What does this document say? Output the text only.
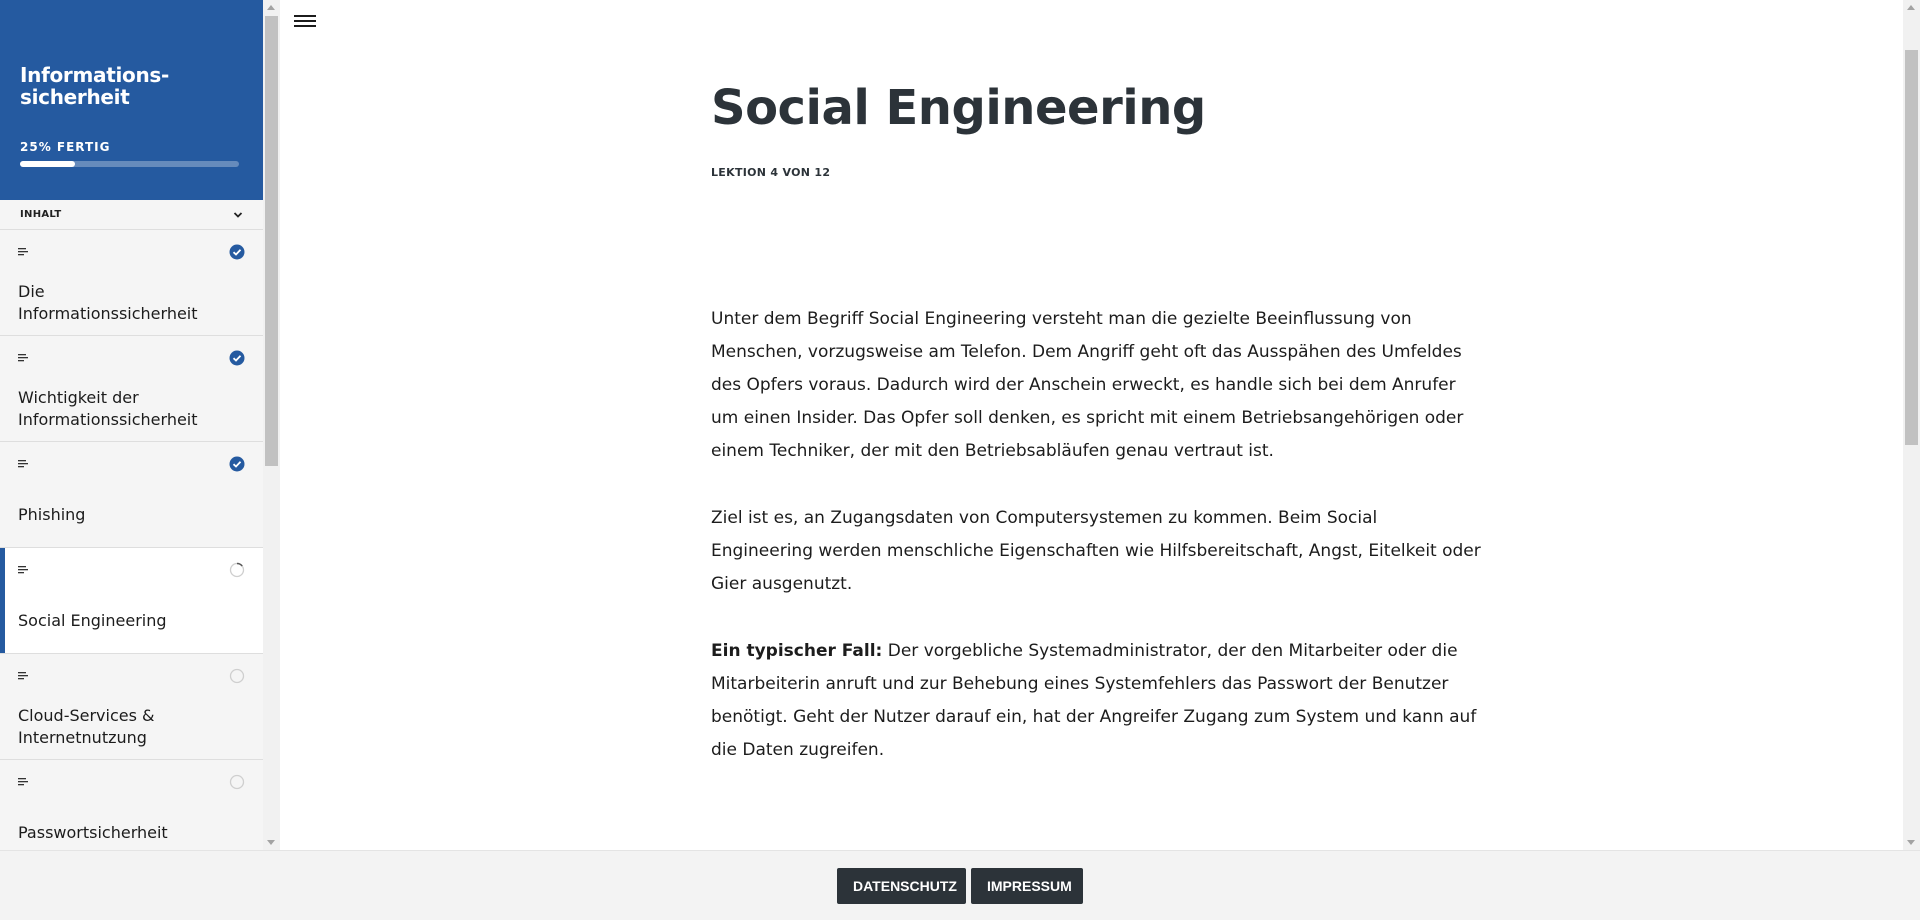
Informations-
sicherheit
25% FERTIG
INHALT
Die Informationssicherheit
Wichtigkeit der Informationssicherheit
Phishing
Social Engineering
Cloud-Services & Internetnutzung
Passwortsicherheit
Social Engineering
LEKTION 4 VON 12

Unter dem Begriff Social Engineering versteht man die gezielte Beeinflussung von Menschen, vorzugsweise am Telefon. Dem Angriff geht oft das Ausspähen des Umfeldes des Opfers voraus. Dadurch wird der Anschein erweckt, es handle sich bei dem Anrufer um einen Insider. Das Opfer soll denken, es spricht mit einem Betriebsangehörigen oder einem Techniker, der mit den Betriebsabläufen genau vertraut ist.

Ziel ist es, an Zugangsdaten von Computersystemen zu kommen. Beim Social Engineering werden menschliche Eigenschaften wie Hilfsbereitschaft, Angst, Eitelkeit oder Gier ausgenutzt.

Ein typischer Fall: Der vorgebliche Systemadministrator, der den Mitarbeiter oder die Mitarbeiterin anruft und zur Behebung eines Systemfehlers das Passwort der Benutzer benötigt. Geht der Nutzer darauf ein, hat der Angreifer Zugang zum System und kann auf die Daten zugreifen.

DATENSCHUTZ	IMPRESSUM
